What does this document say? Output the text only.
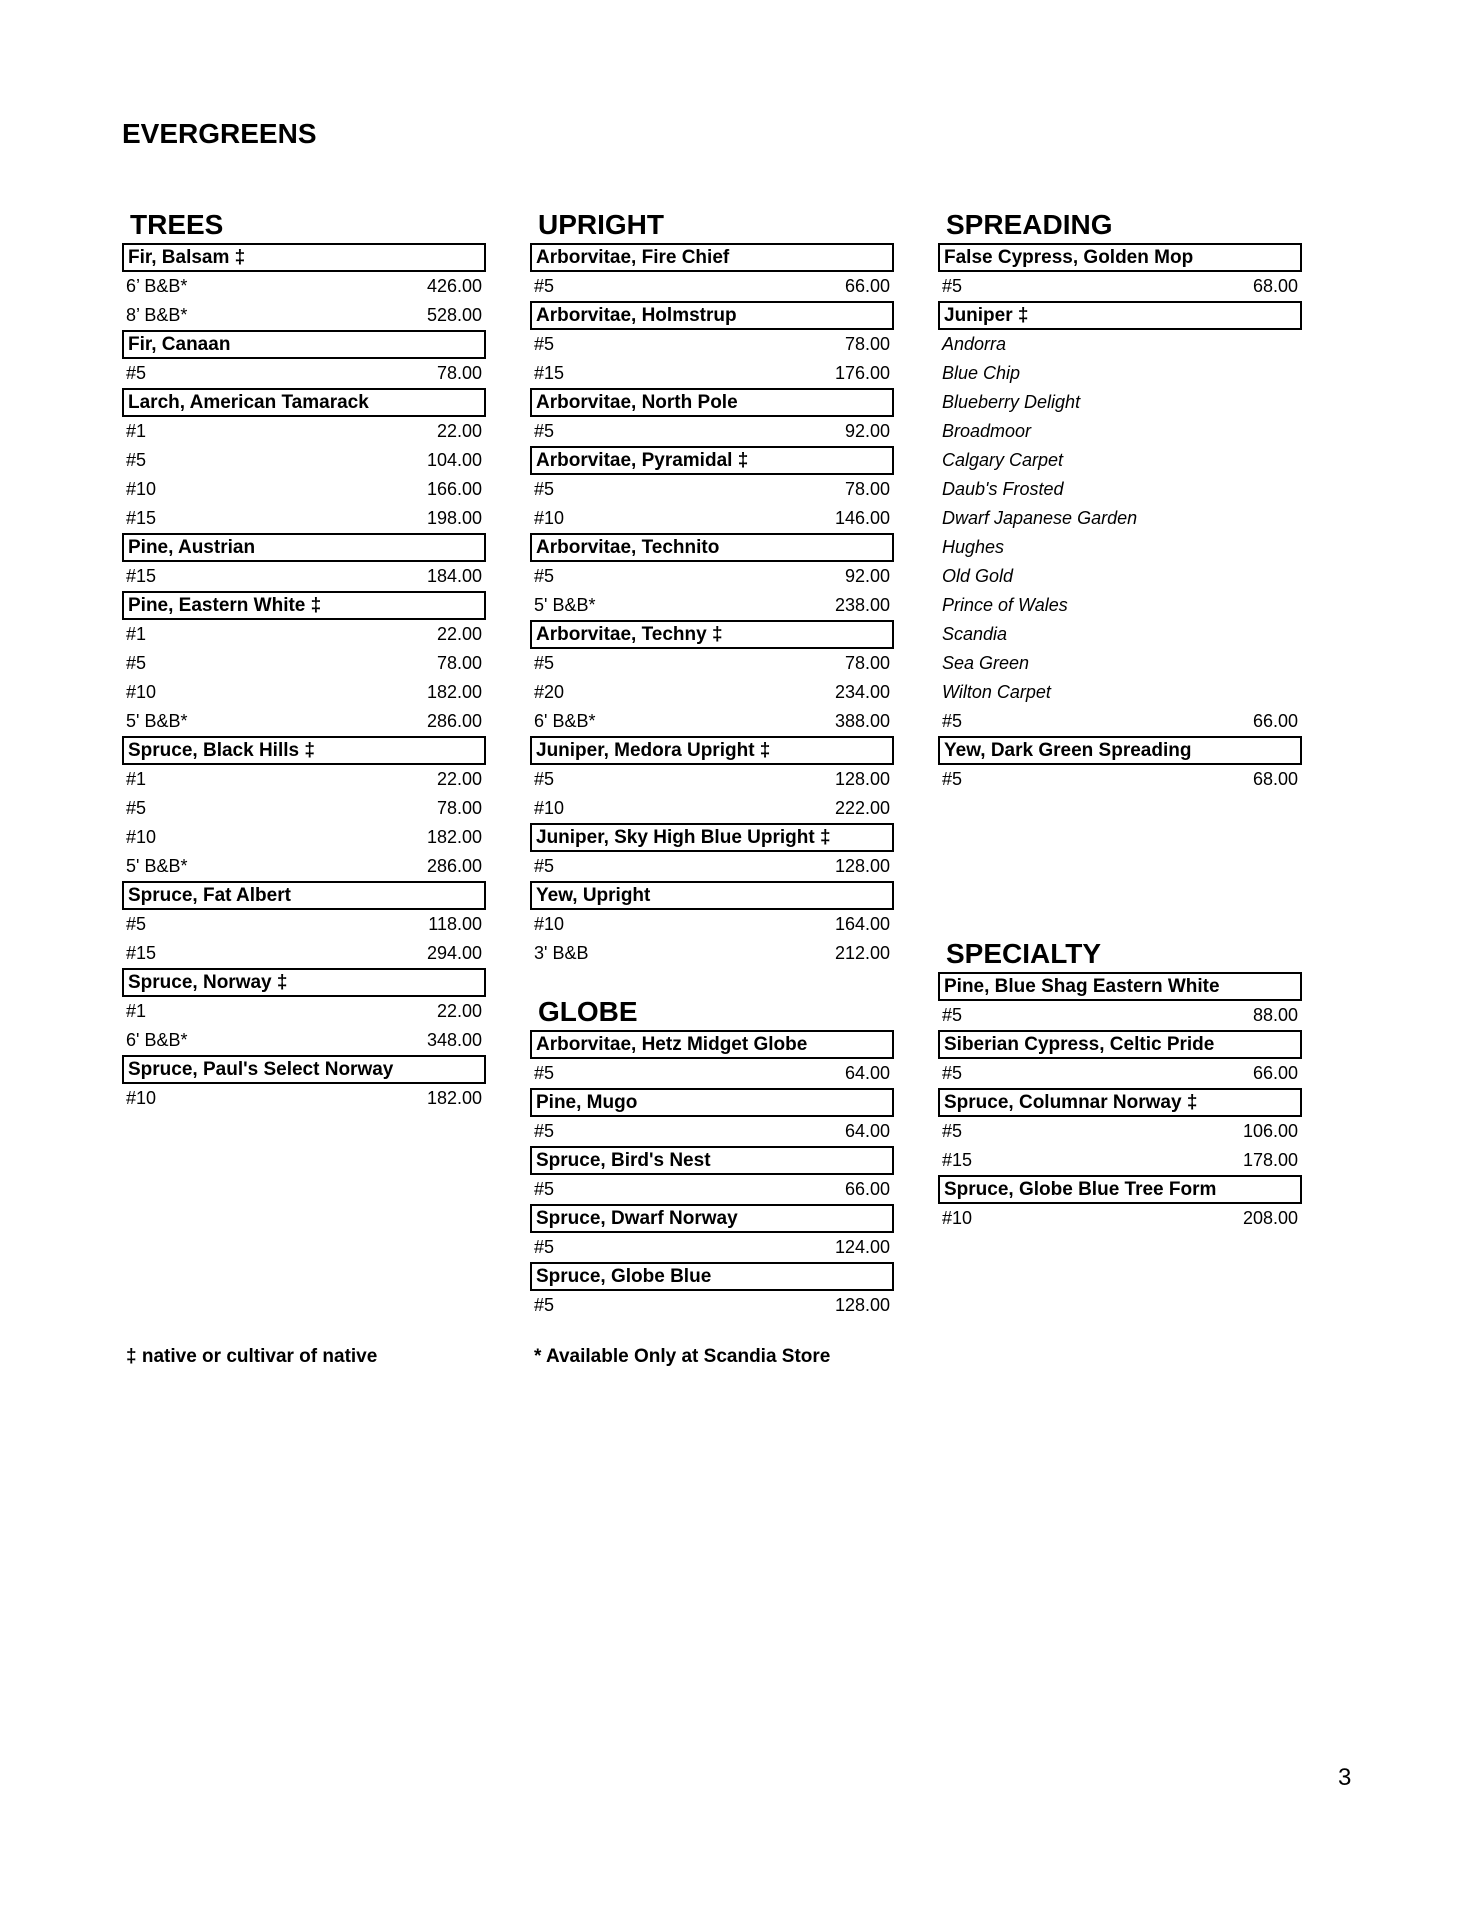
EVERGREENS
TREES
Fir, Balsam ‡
6’ B&B*	426.00
8’ B&B*	528.00
Fir, Canaan
#5	78.00
Larch, American Tamarack
#1	22.00
#5	104.00
#10	166.00
#15	198.00
Pine, Austrian
#15	184.00
Pine, Eastern White ‡
#1	22.00
#5	78.00
#10	182.00
5' B&B*	286.00
Spruce, Black Hills ‡
#1	22.00
#5	78.00
#10	182.00
5' B&B*	286.00
Spruce, Fat Albert
#5	118.00
#15	294.00
Spruce, Norway ‡
#1	22.00
6' B&B*	348.00
Spruce, Paul's Select Norway
#10	182.00
UPRIGHT
Arborvitae, Fire Chief
#5	66.00
Arborvitae, Holmstrup
#5	78.00
#15	176.00
Arborvitae, North Pole
#5	92.00
Arborvitae, Pyramidal ‡
#5	78.00
#10	146.00
Arborvitae, Technito
#5	92.00
5' B&B*	238.00
Arborvitae, Techny ‡
#5	78.00
#20	234.00
6' B&B*	388.00
Juniper, Medora Upright ‡
#5	128.00
#10	222.00
Juniper, Sky High Blue Upright ‡
#5	128.00
Yew, Upright
#10	164.00
3' B&B	212.00
SPREADING
False Cypress, Golden Mop
#5	68.00
Juniper ‡
Andorra
Blue Chip
Blueberry Delight
Broadmoor
Calgary Carpet
Daub's Frosted
Dwarf Japanese Garden
Hughes
Old Gold
Prince of Wales
Scandia
Sea Green
Wilton Carpet
#5	66.00
Yew, Dark Green Spreading
#5	68.00
GLOBE
Arborvitae, Hetz Midget Globe
#5	64.00
Pine, Mugo
#5	64.00
Spruce, Bird's Nest
#5	66.00
Spruce, Dwarf Norway
#5	124.00
Spruce, Globe Blue
#5	128.00
SPECIALTY
Pine, Blue Shag Eastern White
#5	88.00
Siberian Cypress, Celtic Pride
#5	66.00
Spruce, Columnar Norway ‡
#5	106.00
#15	178.00
Spruce, Globe Blue Tree Form
#10	208.00
‡ native or cultivar of native	* Available Only at Scandia Store
3
